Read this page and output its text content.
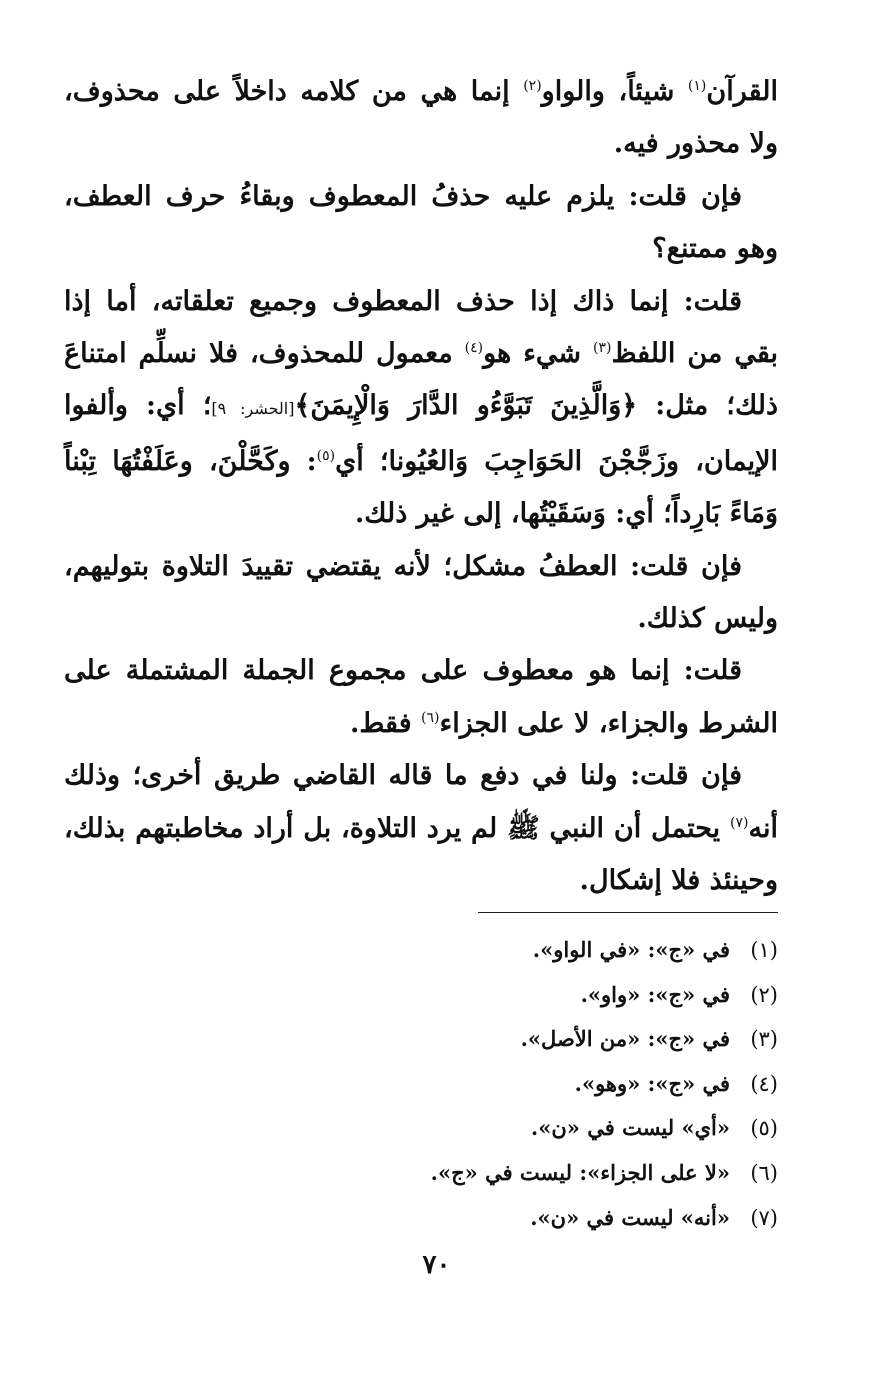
القرآن$^{(١)}$ شيئاً، والواو$^{(٢)}$ إنما هي من كلامه داخلاً على محذوف، ولا محذور فيه.

فإن قلت: يلزم عليه حذفُ المعطوف وبقاءُ حرف العطف، وهو ممتنع؟

قلت: إنما ذاك إذا حذف المعطوف وجميع تعلقاته، أما إذا بقي من اللفظ$^{(٣)}$ شيء هو$^{(٤)}$ معمول للمحذوف، فلا نسلِّم امتناعَ ذلك؛ مثل: ﴿وَالَّذِينَ تَبَوَّءُو الدَّارَ وَالْإِيمَنَ﴾[الحشر: ٩]؛ أي: وألفوا الإيمان، وزَجَّجْنَ الحَوَاجِبَ وَالعُيُونا؛ أي$^{(٥)}$: وكَحَّلْنَ، وعَلَفْتُهَا تِبْناً وَمَاءً بَارِداً؛ أي: وَسَقَيْتُها، إلى غير ذلك.

فإن قلت: العطفُ مشكل؛ لأنه يقتضي تقييدَ التلاوة بتوليهم، وليس كذلك.

قلت: إنما هو معطوف على مجموع الجملة المشتملة على الشرط والجزاء، لا على الجزاء$^{(٦)}$ فقط.

فإن قلت: ولنا في دفع ما قاله القاضي طريق أخرى؛ وذلك أنه$^{(٧)}$ يحتمل أن النبي ﷺ لم يرد التلاوة، بل أراد مخاطبتهم بذلك، وحينئذ فلا إشكال.

(١)
في «ج»: «في الواو».
(٢)
في «ج»: «واو».
(٣)
في «ج»: «من الأصل».
(٤)
في «ج»: «وهو».
(٥)
«أي» ليست في «ن».
(٦)
«لا على الجزاء»: ليست في «ج».
(٧)
«أنه» ليست في «ن».
٧٠
